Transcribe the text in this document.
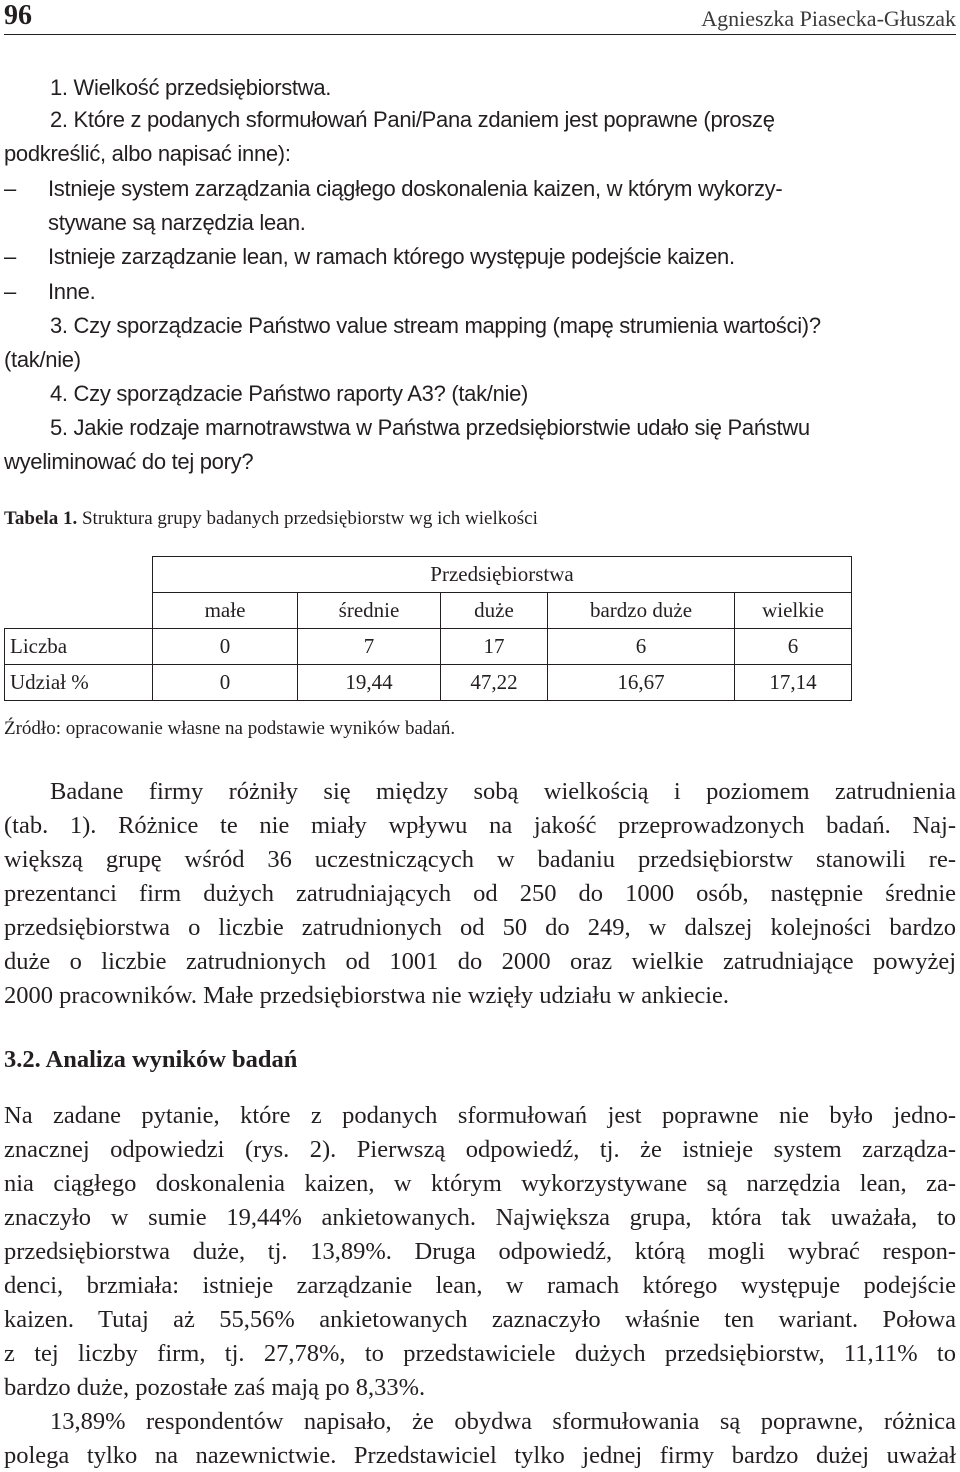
96	Agnieszka Piasecka-Głuszak
1. Wielkość przedsiębiorstwa.
2. Które z podanych sformułowań Pani/Pana zdaniem jest poprawne (proszę
podkreślić, albo napisać inne):
– Istnieje system zarządzania ciągłego doskonalenia kaizen, w którym wykorzy-
stywane są narzędzia lean.
– Istnieje zarządzanie lean, w ramach którego występuje podejście kaizen.
– Inne.
3. Czy sporządzacie Państwo value stream mapping (mapę strumienia wartości)?
(tak/nie)
4. Czy sporządzacie Państwo raporty A3? (tak/nie)
5. Jakie rodzaje marnotrawstwa w Państwa przedsiębiorstwie udało się Państwu
wyeliminować do tej pory?
Tabela 1. Struktura grupy badanych przedsiębiorstw wg ich wielkości
	Przedsiębiorstwa				
	małe	średnie	duże	bardzo duże	wielkie
Liczba	0	7	17	6	6
Udział %	0	19,44	47,22	16,67	17,14
Źródło: opracowanie własne na podstawie wyników badań.
Badane firmy różniły się między sobą wielkością i poziomem zatrudnienia
(tab. 1). Różnice te nie miały wpływu na jakość przeprowadzonych badań. Naj-
większą grupę wśród 36 uczestniczących w badaniu przedsiębiorstw stanowili re-
prezentanci firm dużych zatrudniających od 250 do 1000 osób, następnie średnie
przedsiębiorstwa o liczbie zatrudnionych od 50 do 249, w dalszej kolejności bardzo
duże o liczbie zatrudnionych od 1001 do 2000 oraz wielkie zatrudniające powyżej
2000 pracowników. Małe przedsiębiorstwa nie wzięły udziału w ankiecie.
3.2. Analiza wyników badań
Na zadane pytanie, które z podanych sformułowań jest poprawne nie było jedno-
znacznej odpowiedzi (rys. 2). Pierwszą odpowiedź, tj. że istnieje system zarządza-
nia ciągłego doskonalenia kaizen, w którym wykorzystywane są narzędzia lean, za-
znaczyło w sumie 19,44% ankietowanych. Największa grupa, która tak uważała, to
przedsiębiorstwa duże, tj. 13,89%. Druga odpowiedź, którą mogli wybrać respon-
denci, brzmiała: istnieje zarządzanie lean, w ramach którego występuje podejście
kaizen. Tutaj aż 55,56% ankietowanych zaznaczyło właśnie ten wariant. Połowa
z tej liczby firm, tj. 27,78%, to przedstawiciele dużych przedsiębiorstw, 11,11% to
bardzo duże, pozostałe zaś mają po 8,33%.
13,89% respondentów napisało, że obydwa sformułowania są poprawne, różnica
polega tylko na nazewnictwie. Przedstawiciel tylko jednej firmy bardzo dużej uważał
